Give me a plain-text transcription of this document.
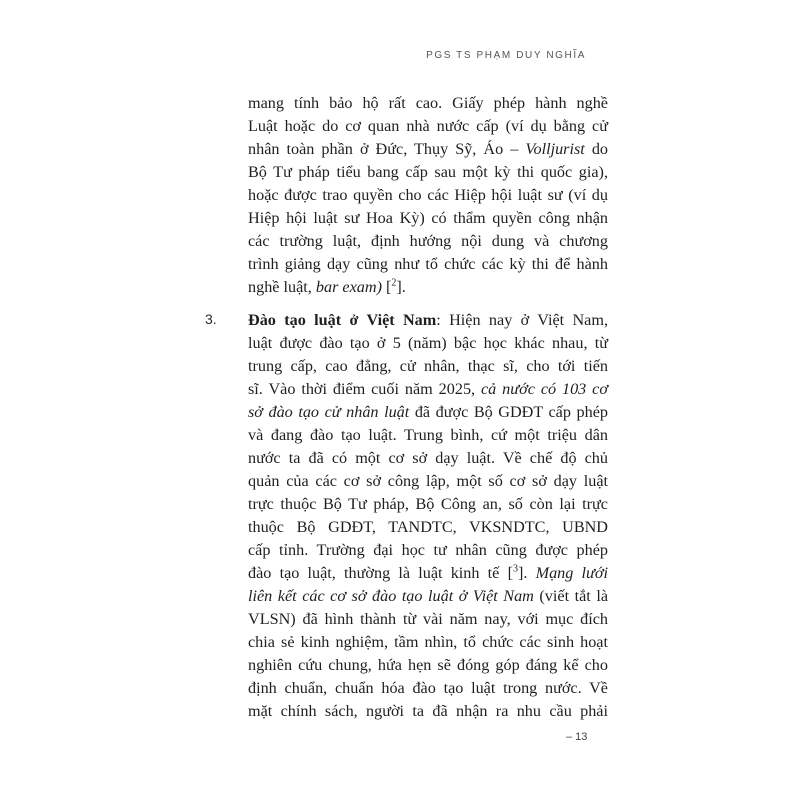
PGS TS PHẠM DUY NGHĨA
mang tính bảo hộ rất cao. Giấy phép hành nghề
Luật hoặc do cơ quan nhà nước cấp (ví dụ bằng cử
nhân toàn phần ở Đức, Thụy Sỹ, Áo – Volljurist do
Bộ Tư pháp tiểu bang cấp sau một kỳ thi quốc gia),
hoặc được trao quyền cho các Hiệp hội luật sư (ví dụ
Hiệp hội luật sư Hoa Kỳ) có thẩm quyền công nhận
các trường luật, định hướng nội dung và chương
trình giảng dạy cũng như tổ chức các kỳ thi để hành
nghề luật, bar exam) [$^2$].
3. Đào tạo luật ở Việt Nam: Hiện nay ở Việt Nam,
luật được đào tạo ở 5 (năm) bậc học khác nhau, từ
trung cấp, cao đẳng, cử nhân, thạc sĩ, cho tới tiến
sĩ. Vào thời điểm cuối năm 2025, cả nước có 103 cơ
sở đào tạo cử nhân luật đã được Bộ GDĐT cấp phép
và đang đào tạo luật. Trung bình, cứ một triệu dân
nước ta đã có một cơ sở dạy luật. Về chế độ chủ
quản của các cơ sở công lập, một số cơ sở dạy luật
trực thuộc Bộ Tư pháp, Bộ Công an, số còn lại trực
thuộc Bộ GDĐT, TANDTC, VKSNDTC, UBND
cấp tỉnh. Trường đại học tư nhân cũng được phép
đào tạo luật, thường là luật kinh tế [$^3$]. Mạng lưới
liên kết các cơ sở đào tạo luật ở Việt Nam (viết tắt là
VLSN) đã hình thành từ vài năm nay, với mục đích
chia sẻ kinh nghiệm, tầm nhìn, tổ chức các sinh hoạt
nghiên cứu chung, hứa hẹn sẽ đóng góp đáng kể cho
định chuẩn, chuẩn hóa đào tạo luật trong nước. Về
mặt chính sách, người ta đã nhận ra nhu cầu phải
– 13
